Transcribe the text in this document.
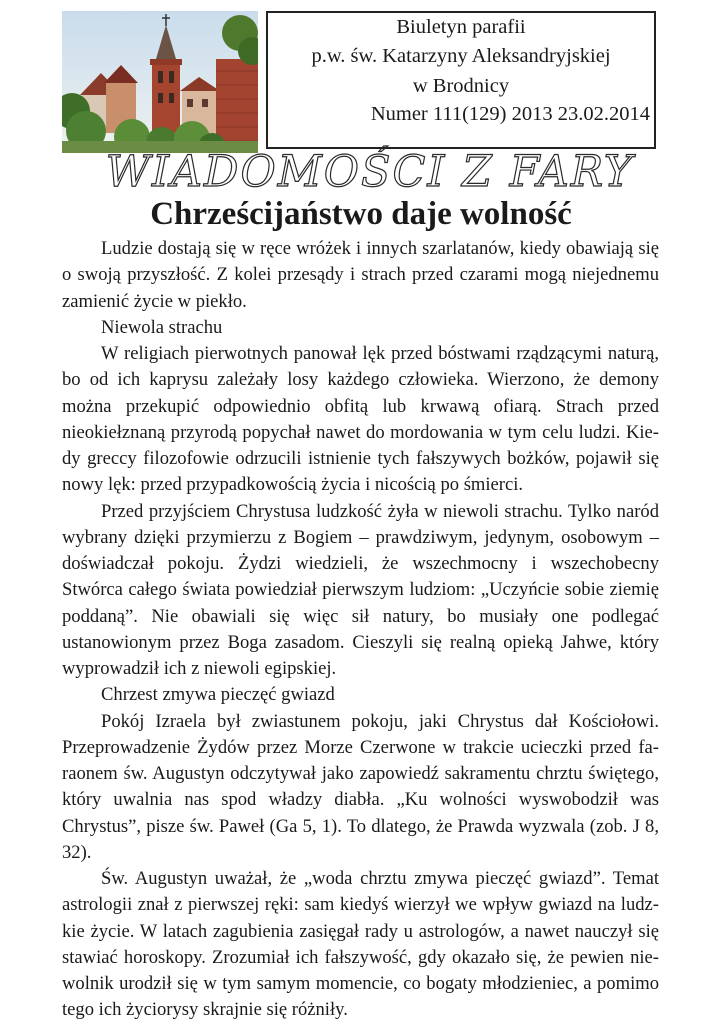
Biuletyn parafii
p.w. św. Katarzyny Aleksandryjskiej
w Brodnicy
Numer 111(129) 2013 23.02.2014
WIADOMOŚCI Z FARY
Chrześcijaństwo daje wolność

Ludzie dostają się w ręce wróżek i innych szarlatanów, kiedy obawiają się o swoją przyszłość. Z kolei przesądy i strach przed czarami mogą niejednemu zamienić życie w piekło.

Niewola strachu

W religiach pierwotnych panował lęk przed bóstwami rządzącymi naturą, bo od ich kaprysu zależały losy każdego człowieka. Wierzono, że demony można przekupić odpowiednio obfitą lub krwawą ofiarą. Strach przed nieokiełznaną przyrodą popychał nawet do mordowania w tym celu ludzi. Kiedy greccy filozofowie odrzucili istnienie tych fałszywych bożków, pojawił się nowy lęk: przed przypadkowością życia i nicością po śmierci.

Przed przyjściem Chrystusa ludzkość żyła w niewoli strachu. Tylko naród wybrany dzięki przymierzu z Bogiem – prawdziwym, jedynym, osobowym – doświadczał pokoju. Żydzi wiedzieli, że wszechmocny i wszechobecny Stwórca całego świata powiedział pierwszym ludziom: „Uczyńcie sobie ziemię poddaną”. Nie obawiali się więc sił natury, bo musiały one podlegać ustanowionym przez Boga zasadom. Cieszyli się realną opieką Jahwe, który wyprowadził ich z niewoli egipskiej.

Chrzest zmywa pieczęć gwiazd

Pokój Izraela był zwiastunem pokoju, jaki Chrystus dał Kościołowi. Przeprowadzenie Żydów przez Morze Czerwone w trakcie ucieczki przed faraonem św. Augustyn odczytywał jako zapowiedź sakramentu chrztu świętego, który uwalnia nas spod władzy diabła. „Ku wolności wyswobodził was Chrystus”, pisze św. Paweł (Ga 5, 1). To dlatego, że Prawda wyzwala (zob. J 8, 32).

Św. Augustyn uważał, że „woda chrztu zmywa pieczęć gwiazd”. Temat astrologii znał z pierwszej ręki: sam kiedyś wierzył we wpływ gwiazd na ludzkie życie. W latach zagubienia zasięgał rady u astrologów, a nawet nauczył się stawiać horoskopy. Zrozumiał ich fałszywość, gdy okazało się, że pewien niewolnik urodził się w tym samym momencie, co bogaty młodzieniec, a pomimo tego ich życiorysy skrajnie się różniły.
